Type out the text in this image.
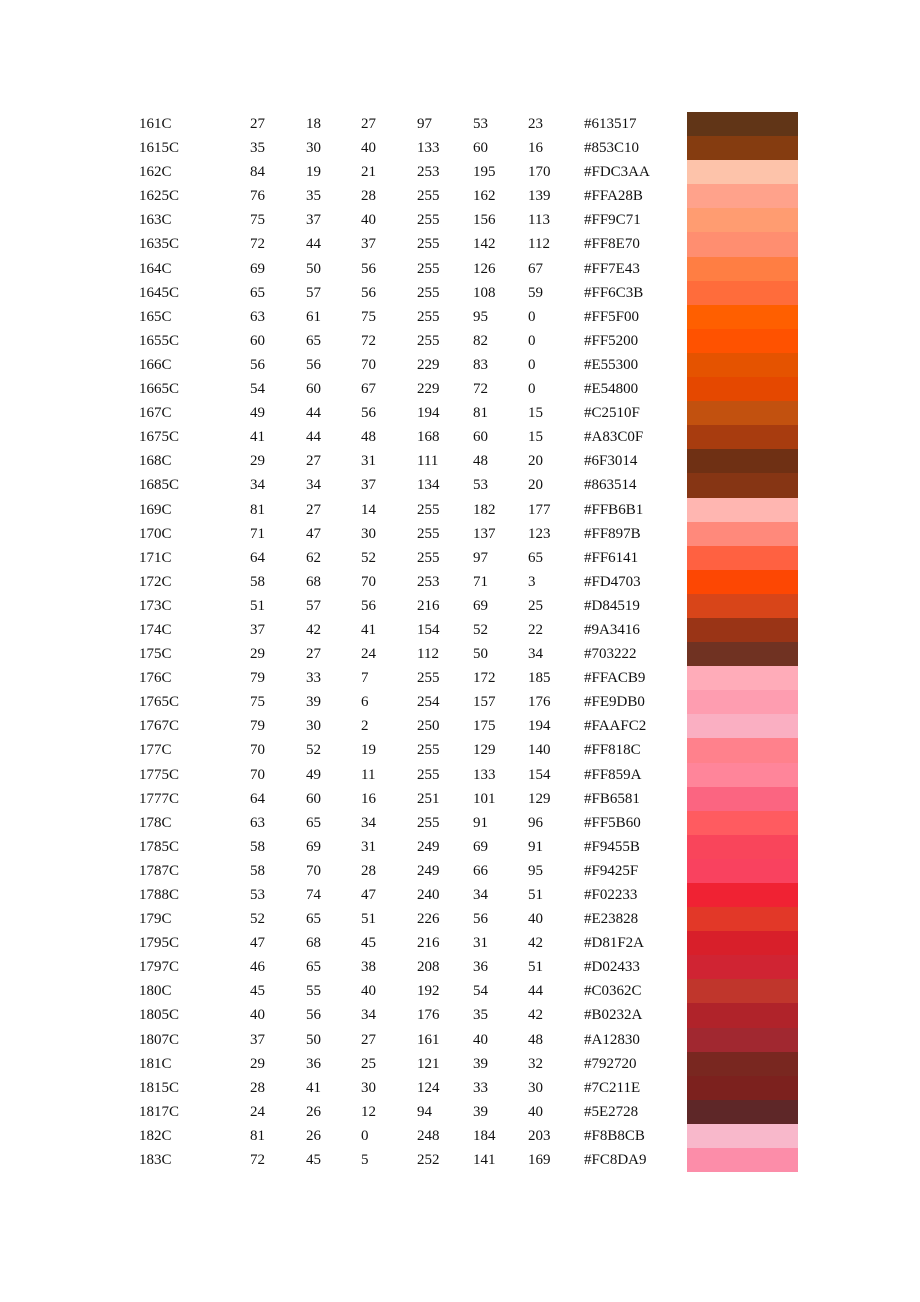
161C	27	18	27	97	53	23	#613517
1615C	35	30	40	133 60	16	#853C10
162C	84	19	21	253 195 170 #FDC3AA
1625C	76	35	28	255 162 139 #FFA28B
163C	75	37	40	255 156 113 #FF9C71
1635C	72	44	37	255 142 112 #FF8E70
164C	69	50	56	255 126 67	#FF7E43
1645C	65	57	56	255 108 59	#FF6C3B
165C	63	61	75	255 95	0	#FF5F00
1655C	60	65	72	255 82	0	#FF5200
166C	56	56	70	229 83	0	#E55300
1665C	54	60	67	229 72	0	#E54800
167C	49	44	56	194 81	15	#C2510F
1675C	41	44	48	168 60	15	#A83C0F
168C	29	27	31	111 48	20	#6F3014
1685C	34	34	37	134 53	20	#863514
169C	81	27	14	255 182 177 #FFB6B1
170C	71	47	30	255 137 123 #FF897B
171C	64	62	52	255 97	65	#FF6141
172C	58	68	70	253 71	3	#FD4703
173C	51	57	56	216 69	25	#D84519
174C	37	42	41	154 52	22	#9A3416
175C	29	27	24	112 50	34	#703222
176C	79	33	7	255 172 185 #FFACB9
1765C	75	39	6	254 157 176 #FE9DB0
1767C	79	30	2	250 175 194 #FAAFC2
177C	70	52	19	255 129 140 #FF818C
1775C	70	49	11	255 133 154 #FF859A
1777C	64	60	16	251 101 129 #FB6581
178C	63	65	34	255 91	96	#FF5B60
1785C	58	69	31	249 69	91	#F9455B
1787C	58	70	28	249 66	95	#F9425F
1788C	53	74	47	240 34	51	#F02233
179C	52	65	51	226 56	40	#E23828
1795C	47	68	45	216 31	42	#D81F2A
1797C	46	65	38	208 36	51	#D02433
180C	45	55	40	192 54	44	#C0362C
1805C	40	56	34	176 35	42	#B0232A
1807C	37	50	27	161 40	48	#A12830
181C	29	36	25	121 39	32	#792720
1815C	28	41	30	124 33	30	#7C211E
1817C	24	26	12	94	39	40	#5E2728
182C	81	26	0	248 184 203 #F8B8CB
183C	72	45	5	252 141 169 #FC8DA9
